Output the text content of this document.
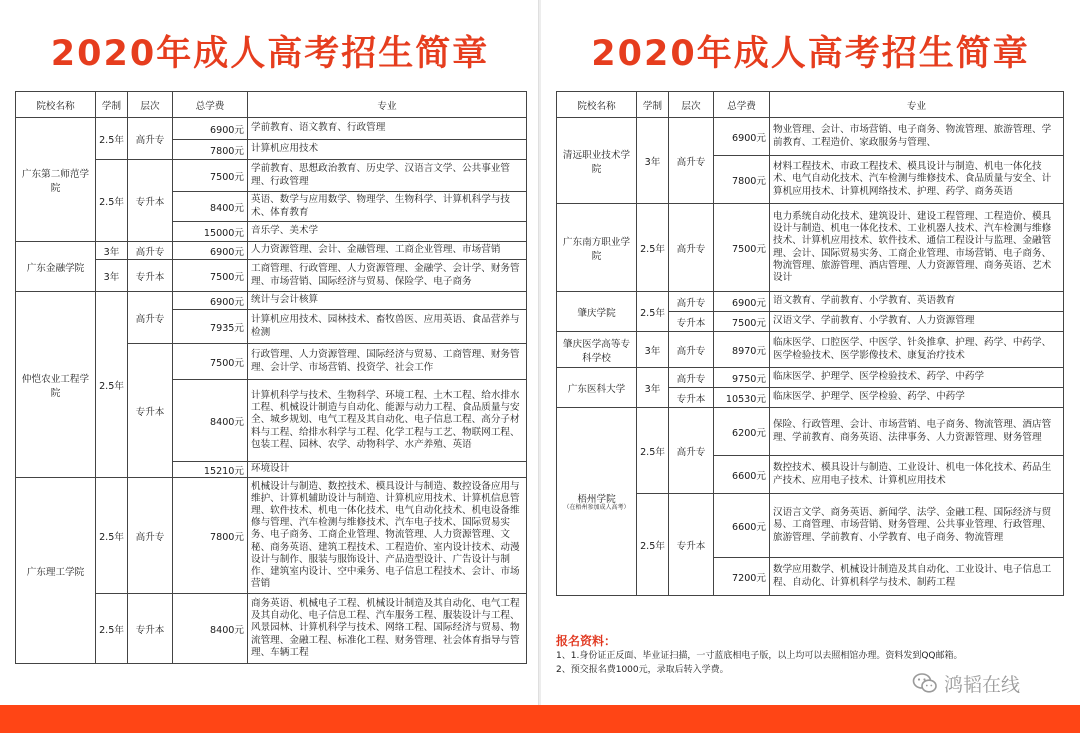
2020年成人高考招生简章
院校名称	学制	层次	总学费	专业
广东第二师范学院	2.5年	高升专	6900元	学前教育、语文教育、行政管理
			7800元	计算机应用技术
	2.5年	专升本	7500元	学前教育、思想政治教育、历史学、汉语言文学、公共事业管理、行政管理
			8400元	英语、数学与应用数学、物理学、生物科学、计算机科学与技术、体育教育
			15000元	音乐学、美术学
广东金融学院	3年	高升专	6900元	人力资源管理、会计、金融管理、工商企业管理、市场营销
	3年	专升本	7500元	工商管理、行政管理、人力资源管理、金融学、会计学、财务管理、市场营销、国际经济与贸易、保险学、电子商务
仲恺农业工程学院	2.5年	高升专	6900元	统计与会计核算
			7935元	计算机应用技术、园林技术、畜牧兽医、应用英语、食品营养与检测
		专升本	7500元	行政管理、人力资源管理、国际经济与贸易、工商管理、财务管理、会计学、市场营销、投资学、社会工作
			8400元	计算机科学与技术、生物科学、环境工程、土木工程、给水排水工程、机械设计制造与自动化、能源与动力工程、食品质量与安全、城乡规划、电气工程及其自动化、电子信息工程、高分子材料与工程、给排水科学与工程、化学工程与工艺、物联网工程、包装工程、园林、农学、动物科学、水产养殖、英语
			15210元	环境设计
广东理工学院	2.5年	高升专	7800元	机械设计与制造、数控技术、模具设计与制造、数控设备应用与维护、计算机辅助设计与制造、计算机应用技术、计算机信息管理、软件技术、机电一体化技术、电气自动化技术、机电设备维修与管理、汽车检测与维修技术、汽车电子技术、国际贸易实务、电子商务、工商企业管理、物流管理、人力资源管理、文秘、商务英语、建筑工程技术、工程造价、室内设计技术、动漫设计与制作、服装与服饰设计、产品造型设计、广告设计与制作、建筑室内设计、空中乘务、电子信息工程技术、会计、市场营销
	2.5年	专升本	8400元	商务英语、机械电子工程、机械设计制造及其自动化、电气工程及其自动化、电子信息工程、汽车服务工程、服装设计与工程、风景园林、计算机科学与技术、网络工程、国际经济与贸易、物流管理、金融工程、标准化工程、财务管理、社会体育指导与管理、车辆工程
2020年成人高考招生简章
院校名称	学制	层次	总学费	专业
清远职业技术学院	3年	高升专	6900元	物业管理、会计、市场营销、电子商务、物流管理、旅游管理、学前教育、工程造价、家政服务与管理、
			7800元	材料工程技术、市政工程技术、模具设计与制造、机电一体化技术、电气自动化技术、汽车检测与维修技术、食品质量与安全、计算机应用技术、计算机网络技术、护理、药学、商务英语
广东南方职业学院	2.5年	高升专	7500元	电力系统自动化技术、建筑设计、建设工程管理、工程造价、模具设计与制造、机电一体化技术、工业机器人技术、汽车检测与维修技术、计算机应用技术、软件技术、通信工程设计与监理、金融管理、会计、国际贸易实务、工商企业管理、市场营销、电子商务、物流管理、旅游管理、酒店管理、人力资源管理、商务英语、艺术设计
肇庆学院	2.5年	高升专	6900元	语文教育、学前教育、小学教育、英语教育
		专升本	7500元	汉语文学、学前教育、小学教育、人力资源管理
肇庆医学高等专科学校	3年	高升专	8970元	临床医学、口腔医学、中医学、针灸推拿、护理、药学、中药学、医学检验技术、医学影像技术、康复治疗技术
广东医科大学	3年	高升专	9750元	临床医学、护理学、医学检验技术、药学、中药学
		专升本	10530元	临床医学、护理学、医学检验、药学、中药学
梧州学院
（在梧州参加成人高考）	2.5年	高升专	6200元	保险、行政管理、会计、市场营销、电子商务、物流管理、酒店管理、学前教育、商务英语、法律事务、人力资源管理、财务管理
			6600元	数控技术、模具设计与制造、工业设计、机电一体化技术、药品生产技术、应用电子技术、计算机应用技术
	2.5年	专升本	6600元	汉语言文学、商务英语、新闻学、法学、金融工程、国际经济与贸易、工商管理、市场营销、财务管理、公共事业管理、行政管理、旅游管理、学前教育、小学教育、电子商务、物流管理
			7200元	数学应用数学、机械设计制造及其自动化、工业设计、电子信息工程、自动化、计算机科学与技术、制药工程
报名资料：
1、1.身份证正反面、毕业证扫描，一寸蓝底相电子版，以上均可以去照相馆办理。资料发到QQ邮箱。
2、预交报名费1000元，录取后转入学费。
鸿韬在线
